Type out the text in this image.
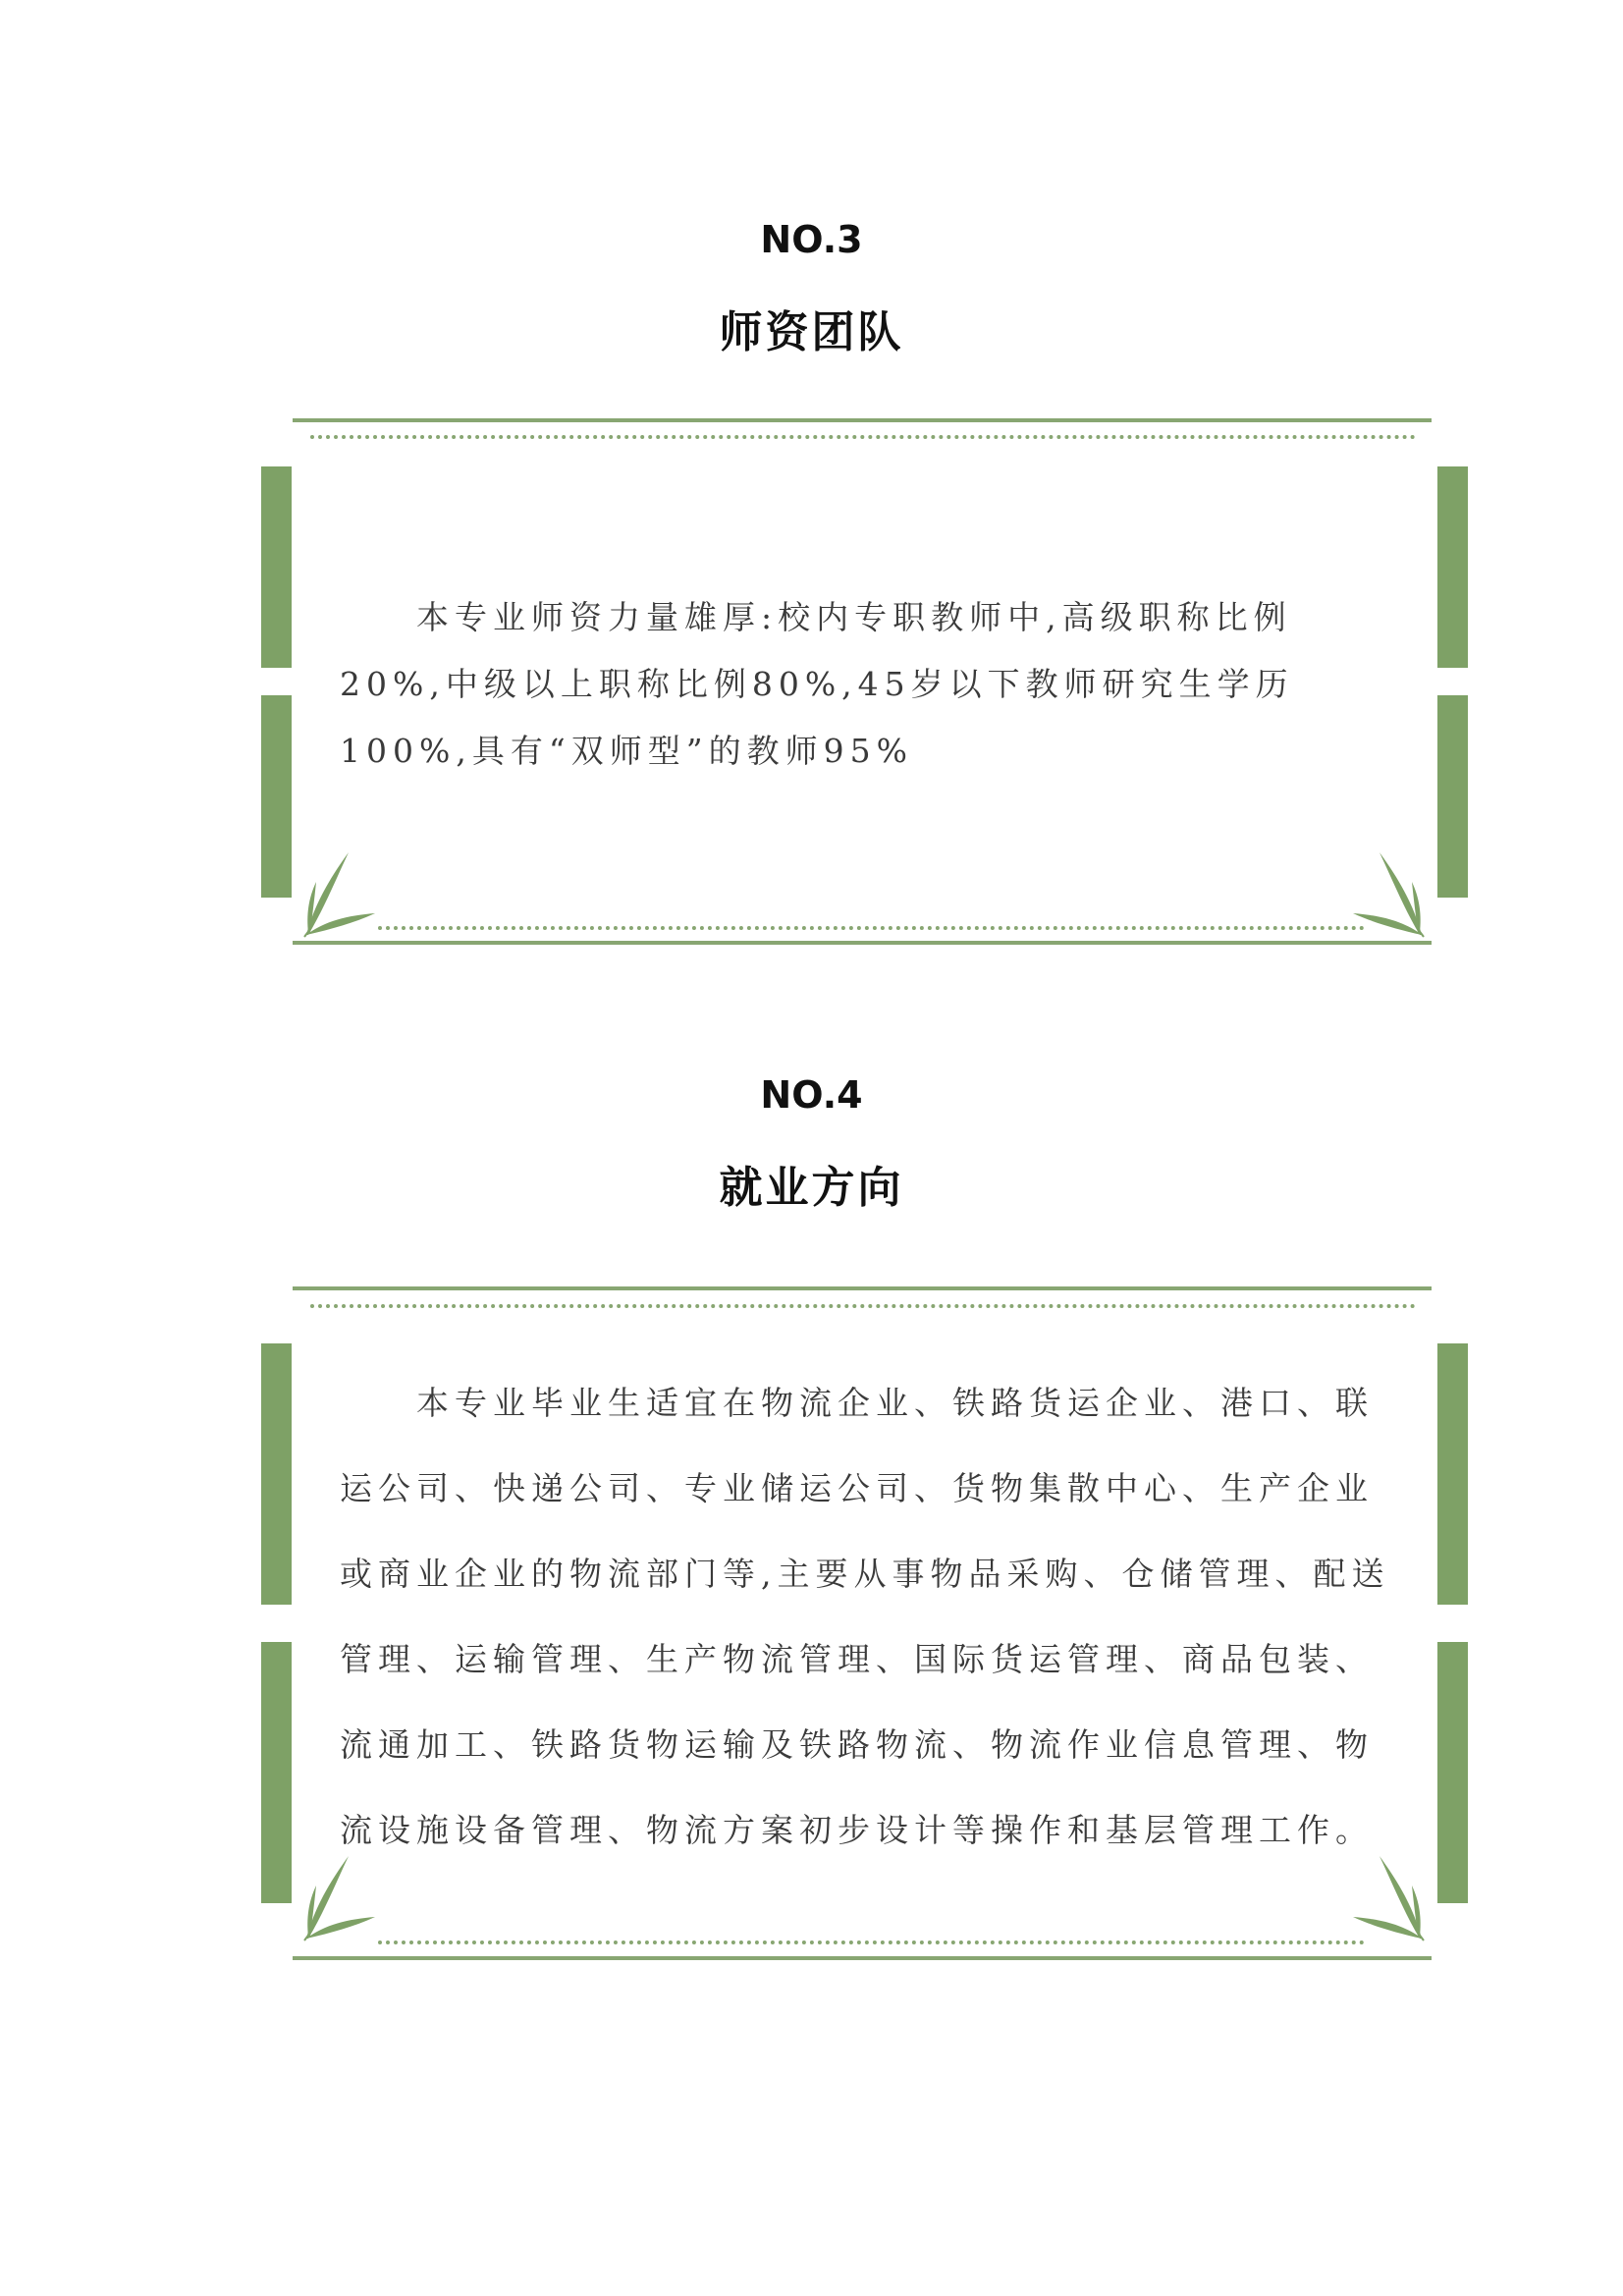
NO.3
师资团队

本专业师资力量雄厚:校内专职教师中,高级职称比例20%,中级以上职称比例80%,45岁以下教师研究生学历100%,具有“双师型”的教师95%

NO.4
就业方向

本专业毕业生适宜在物流企业、铁路货运企业、港口、联运公司、快递公司、专业储运公司、货物集散中心、生产企业或商业企业的物流部门等,主要从事物品采购、仓储管理、配送管理、运输管理、生产物流管理、国际货运管理、商品包装、流通加工、铁路货物运输及铁路物流、物流作业信息管理、物流设施设备管理、物流方案初步设计等操作和基层管理工作。
